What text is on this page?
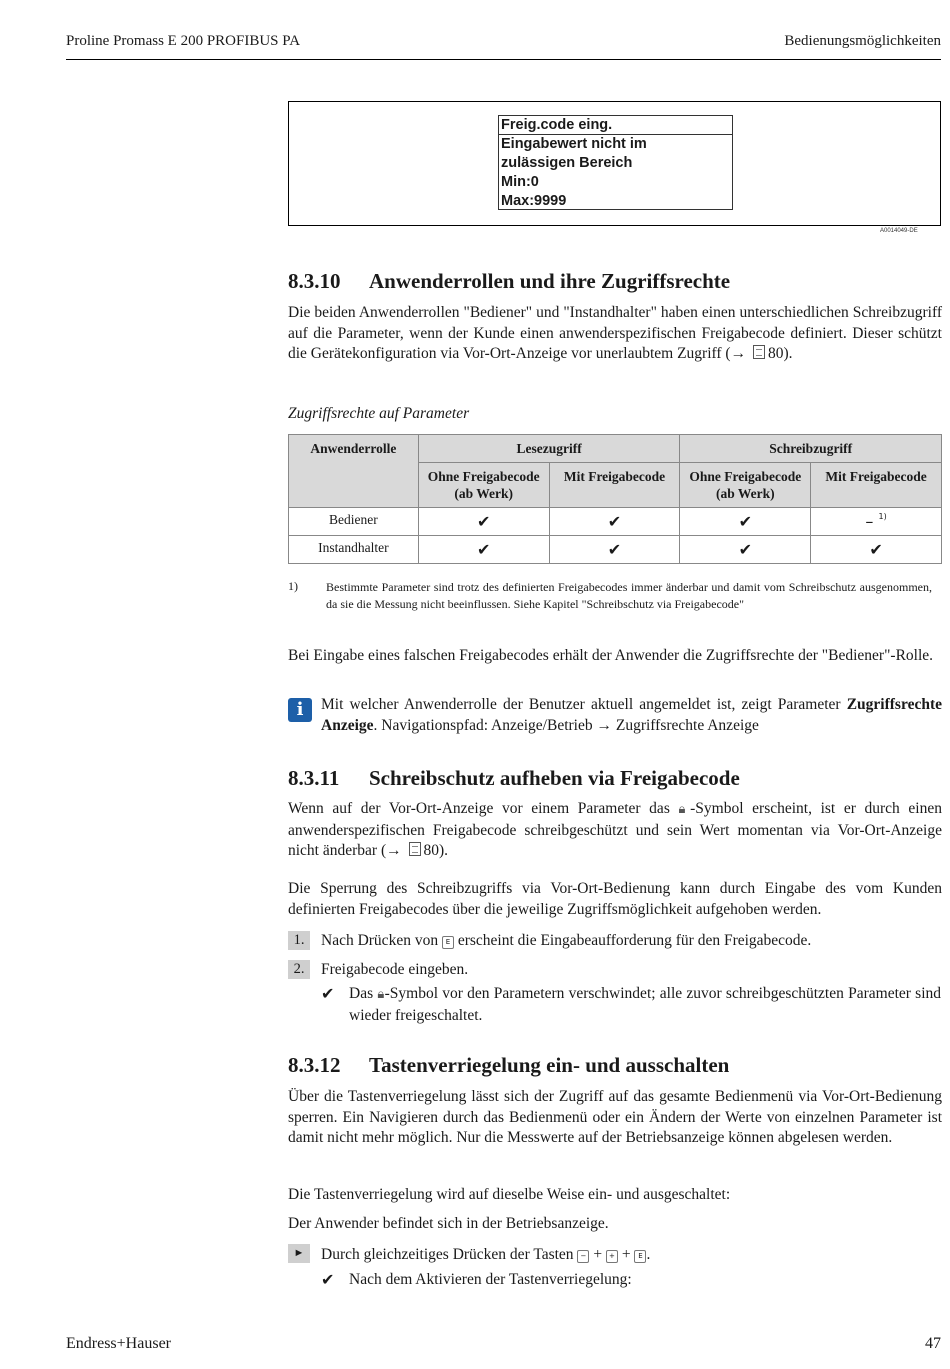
Proline Promass E 200 PROFIBUS PA	Bedienungsmöglichkeiten
Freig.code eing.
Eingabewert nicht im
zulässigen Bereich
Min:0
Max:9999
A0014049-DE
8.3.10 Anwenderrollen und ihre Zugriffsrechte

Die beiden Anwenderrollen "Bediener" und "Instandhalter" haben einen unterschiedlichen Schreibzugriff auf die Parameter, wenn der Kunde einen anwenderspezifischen Freigabecode definiert. Dieser schützt die Gerätekonfiguration via Vor-Ort-Anzeige vor unerlaubtem Zugriff (→ 80).

Zugriffsrechte auf Parameter
Anwenderrolle	Lesezugriff		Schreibzugriff	
	Ohne Freigabecode (ab Werk)	Mit Freigabecode	Ohne Freigabecode (ab Werk)	Mit Freigabecode
Bediener	✔	✔	✔	– $^{1)}$
Instandhalter	✔	✔	✔	✔
1) Bestimmte Parameter sind trotz des definierten Freigabecodes immer änderbar und damit vom Schreibschutz ausgenommen, da sie die Messung nicht beeinflussen. Siehe Kapitel "Schreibschutz via Freigabecode"

Bei Eingabe eines falschen Freigabecodes erhält der Anwender die Zugriffsrechte der "Bediener"-Rolle.

i	Mit welcher Anwenderrolle der Benutzer aktuell angemeldet ist, zeigt Parameter Zugriffsrechte Anzeige. Navigationspfad: Anzeige/Betrieb → Zugriffsrechte Anzeige

8.3.11 Schreibschutz aufheben via Freigabecode

Wenn auf der Vor-Ort-Anzeige vor einem Parameter das 🔒︎-Symbol erscheint, ist er durch einen anwenderspezifischen Freigabecode schreibgeschützt und sein Wert momentan via Vor-Ort-Anzeige nicht änderbar (→ 80).

Die Sperrung des Schreibzugriffs via Vor-Ort-Bedienung kann durch Eingabe des vom Kunden definierten Freigabecodes über die jeweilige Zugriffsmöglichkeit aufgehoben werden.

1.	Nach Drücken von E erscheint die Eingabeaufforderung für den Freigabecode.
2.	Freigabecode eingeben.
✔ Das 🔒︎-Symbol vor den Parametern verschwindet; alle zuvor schreibgeschützten Parameter sind wieder freigeschaltet.
8.3.12 Tastenverriegelung ein- und ausschalten

Über die Tastenverriegelung lässt sich der Zugriff auf das gesamte Bedienmenü via Vor-Ort-Bedienung sperren. Ein Navigieren durch das Bedienmenü oder ein Ändern der Werte von einzelnen Parameter ist damit nicht mehr möglich. Nur die Messwerte auf der Betriebsanzeige können abgelesen werden.

Die Tastenverriegelung wird auf dieselbe Weise ein- und ausgeschaltet:

Der Anwender befindet sich in der Betriebsanzeige.

►	Durch gleichzeitiges Drücken der Tasten − + + + E .
✔ Nach dem Aktivieren der Tastenverriegelung:
Endress+Hauser	47
